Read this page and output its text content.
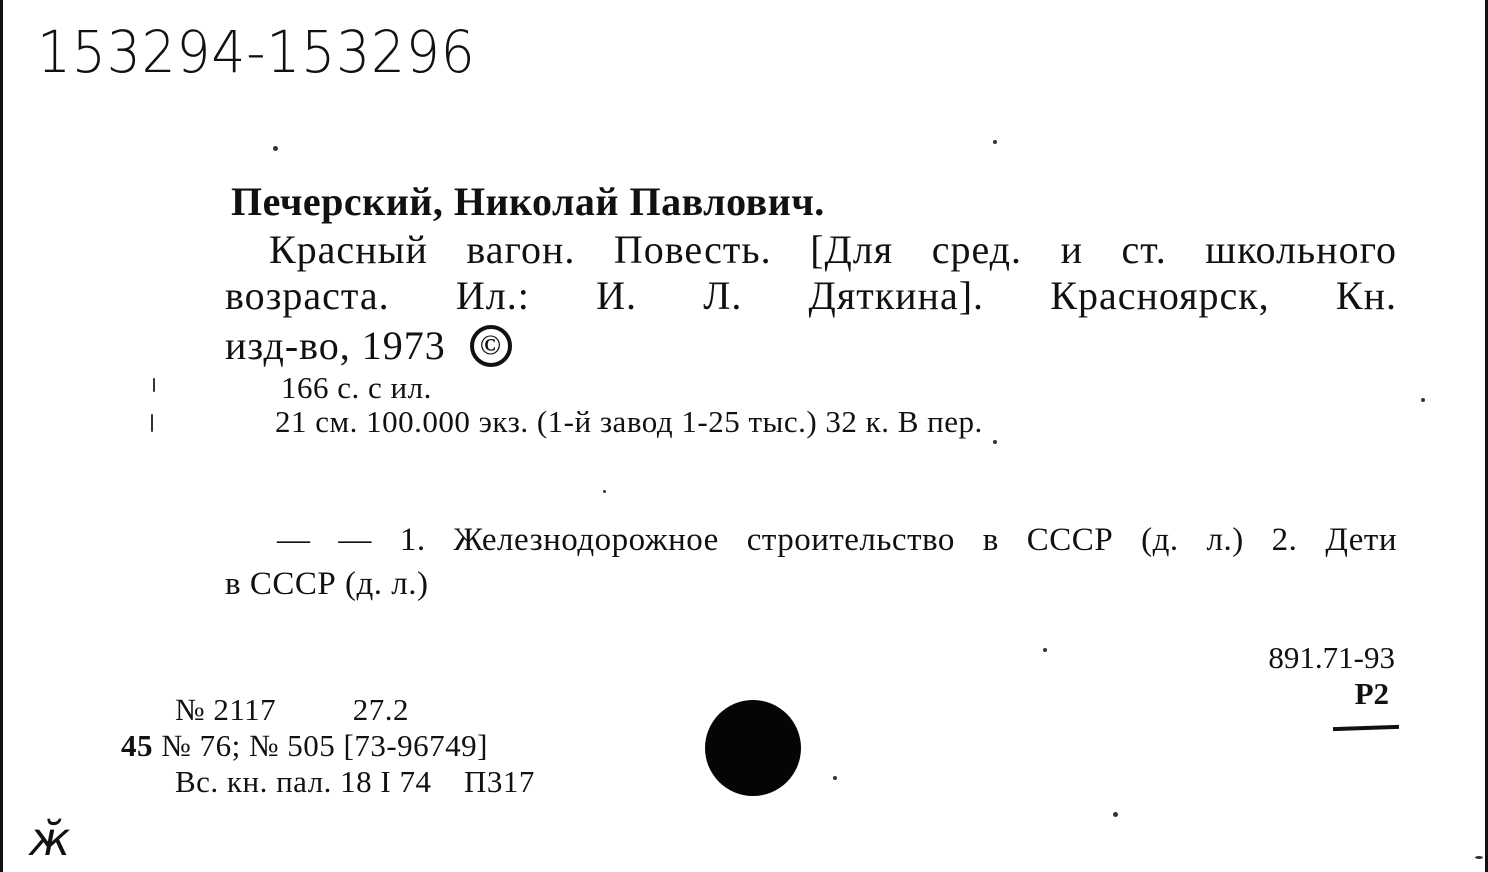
153294-153296
Печерский, Николай Павлович.
Красный вагон. Повесть. [Для сред. и ст. школьного
возраста. Ил.: И. Л. Дяткина]. Красноярск, Кн.
изд-во, 1973 ©
166 с. с ил.
21 см. 100.000 экз. (1-й завод 1-25 тыс.) 32 к. В пер.
— — 1. Железнодорожное строительство в СССР (д. л.) 2. Дети
в СССР (д. л.)
891.71-93
Р2
№ 2117 27.2
45 № 76; № 505 [73-96749]
Вс. кн. пал. 18 I 74 П317
ӂ
